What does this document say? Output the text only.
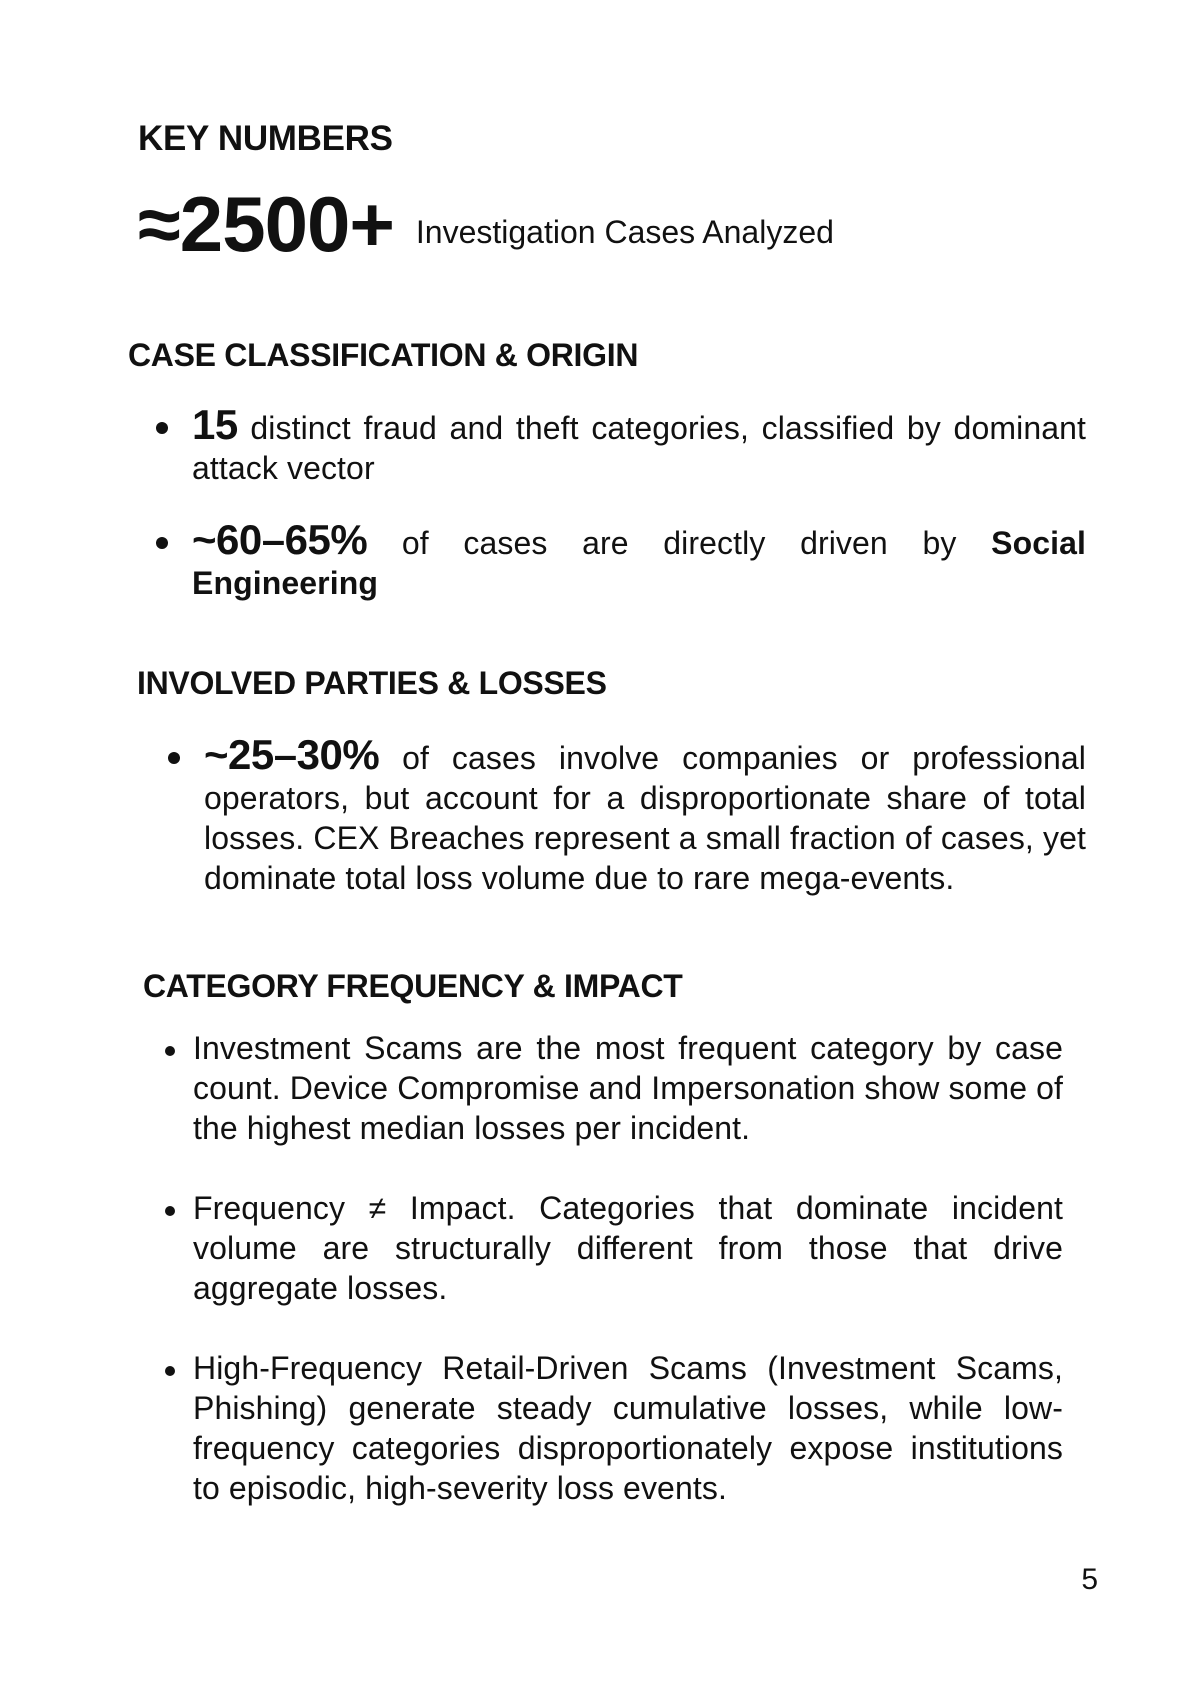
KEY NUMBERS
≈2500+ Investigation Cases Analyzed
CASE CLASSIFICATION & ORIGIN
15 distinct fraud and theft categories, classified by dominant attack vector
~60–65% of cases are directly driven by Social Engineering
INVOLVED PARTIES & LOSSES
~25–30% of cases involve companies or professional operators, but account for a disproportionate share of total losses. CEX Breaches represent a small fraction of cases, yet dominate total loss volume due to rare mega-events.
CATEGORY FREQUENCY & IMPACT
Investment Scams are the most frequent category by case count. Device Compromise and Impersonation show some of the highest median losses per incident.
Frequency ≠ Impact. Categories that dominate incident volume are structurally different from those that drive aggregate losses.
High-Frequency Retail-Driven Scams (Investment Scams, Phishing) generate steady cumulative losses, while low-frequency categories disproportionately expose institutions to episodic, high-severity loss events.
5
